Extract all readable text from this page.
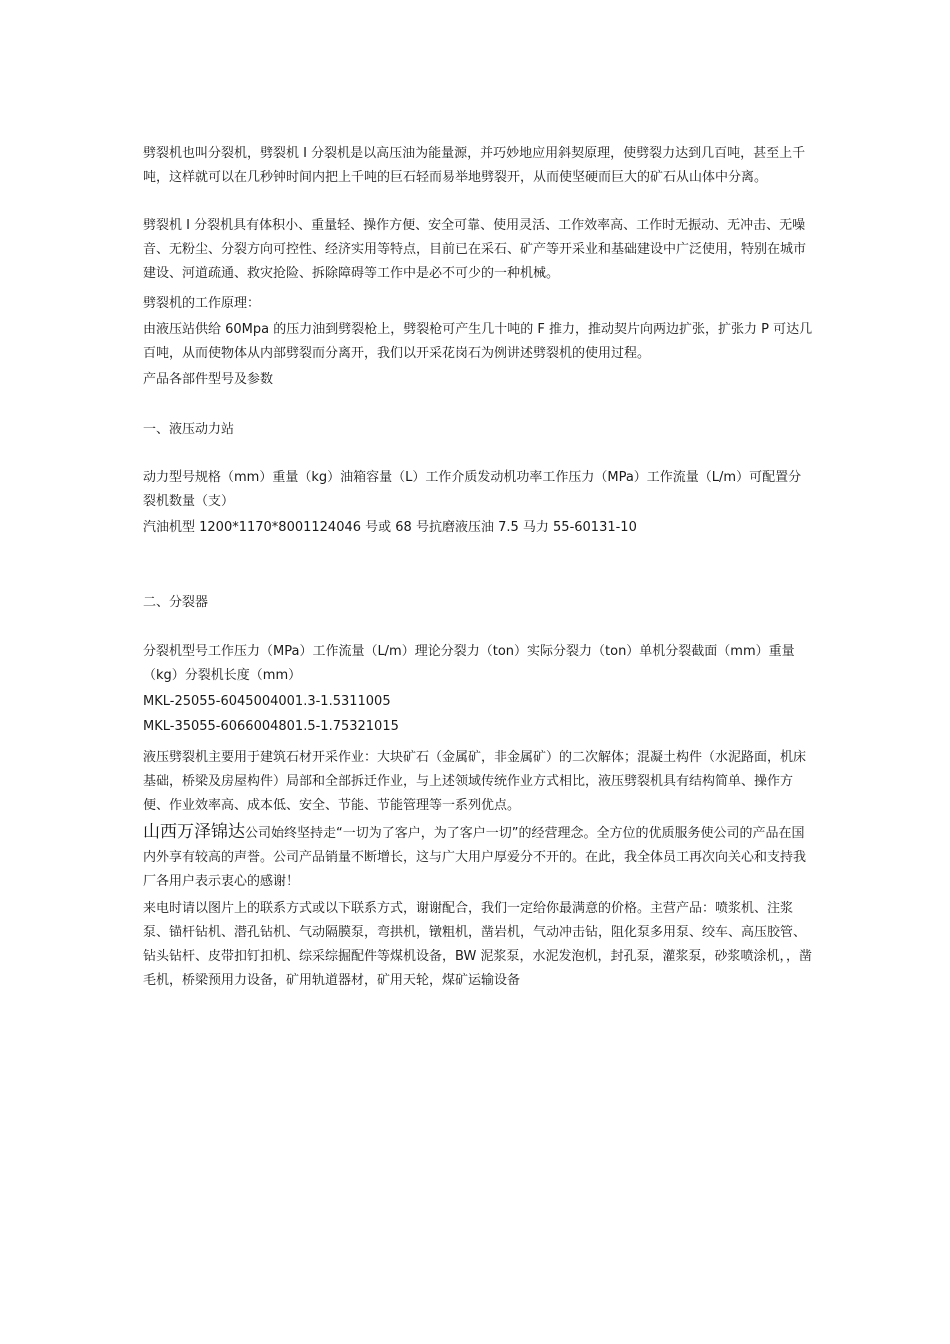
劈裂机也叫分裂机，劈裂机 I 分裂机是以高压油为能量源，并巧妙地应用斜契原理，使劈裂力达到几百吨，甚至上千吨，这样就可以在几秒钟时间内把上千吨的巨石轻而易举地劈裂开，从而使坚硬而巨大的矿石从山体中分离。
劈裂机 I 分裂机具有体积小、重量轻、操作方便、安全可靠、使用灵活、工作效率高、工作时无振动、无冲击、无噪音、无粉尘、分裂方向可控性、经济实用等特点，目前已在采石、矿产等开采业和基础建设中广泛使用，特别在城市建设、河道疏通、救灾抢险、拆除障碍等工作中是必不可少的一种机械。
劈裂机的工作原理：
由液压站供给 60Mpa 的压力油到劈裂枪上，劈裂枪可产生几十吨的 F 推力，推动契片向两边扩张，扩张力 P 可达几百吨，从而使物体从内部劈裂而分离开，我们以开采花岗石为例讲述劈裂机的使用过程。
产品各部件型号及参数
一、液压动力站
动力型号规格（mm）重量（kg）油箱容量（L）工作介质发动机功率工作压力（MPa）工作流量（L/m）可配置分裂机数量（支）
汽油机型 1200*1170*8001124046 号或 68 号抗磨液压油 7.5 马力 55-60131-10
二、分裂器
分裂机型号工作压力（MPa）工作流量（L/m）理论分裂力（ton）实际分裂力（ton）单机分裂截面（mm）重量（kg）分裂机长度（mm）
MKL-25055-6045004001.3-1.5311005
MKL-35055-6066004801.5-1.75321015
液压劈裂机主要用于建筑石材开采作业：大块矿石（金属矿，非金属矿）的二次解体；混凝土构件（水泥路面，机床基础，桥梁及房屋构件）局部和全部拆迁作业，与上述领域传统作业方式相比，液压劈裂机具有结构简单、操作方便、作业效率高、成本低、安全、节能、节能管理等一系列优点。
山西万泽锦达公司始终坚持走“一切为了客户，为了客户一切”的经营理念。全方位的优质服务使公司的产品在国内外享有较高的声誉。公司产品销量不断增长，这与广大用户厚爱分不开的。在此，我全体员工再次向关心和支持我厂各用户表示衷心的感谢！
来电时请以图片上的联系方式或以下联系方式，谢谢配合，我们一定给你最满意的价格。主营产品：喷浆机、注浆泵、锚杆钻机、潜孔钻机、气动隔膜泵，弯拱机，镦粗机，凿岩机，气动冲击钻，阻化泵多用泵、绞车、高压胶管、钻头钻杆、皮带扣钉扣机、综采综掘配件等煤机设备，BW 泥浆泵，水泥发泡机，封孔泵，灌浆泵，砂浆喷涂机，，凿毛机，桥梁预用力设备，矿用轨道器材，矿用天轮，煤矿运输设备
